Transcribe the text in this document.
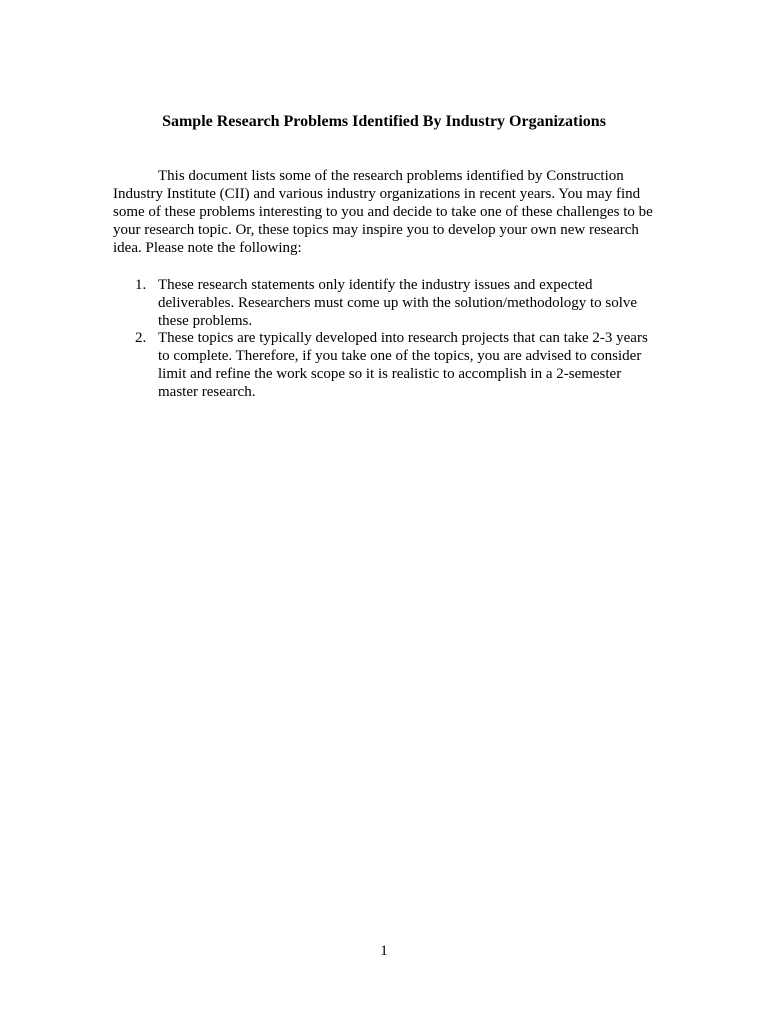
Sample Research Problems Identified By Industry Organizations
This document lists some of the research problems identified by Construction
Industry Institute (CII) and various industry organizations in recent years. You may find
some of these problems interesting to you and decide to take one of these challenges to be
your research topic. Or, these topics may inspire you to develop your own new research
idea. Please note the following:
1. These research statements only identify the industry issues and expected
deliverables. Researchers must come up with the solution/methodology to solve
these problems.
2. These topics are typically developed into research projects that can take 2-3 years
to complete. Therefore, if you take one of the topics, you are advised to consider
limit and refine the work scope so it is realistic to accomplish in a 2-semester
master research.
1
